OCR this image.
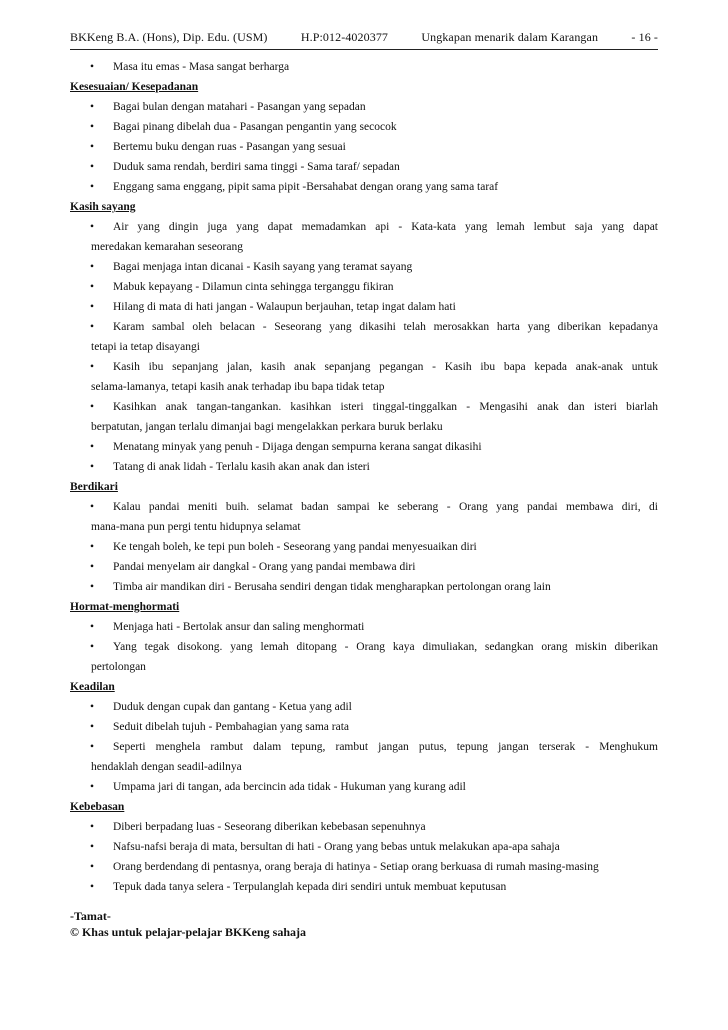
BKKeng B.A. (Hons), Dip. Edu. (USM)	H.P:012-4020377	Ungkapan menarik dalam Karangan	- 16 -
• Masa itu emas - Masa sangat berharga
Kesesuaian/ Kesepadanan
• Bagai bulan dengan matahari - Pasangan yang sepadan
• Bagai pinang dibelah dua - Pasangan pengantin yang secocok
• Bertemu buku dengan ruas - Pasangan yang sesuai
• Duduk sama rendah, berdiri sama tinggi - Sama taraf/ sepadan
• Enggang sama enggang, pipit sama pipit -Bersahabat dengan orang yang sama taraf
Kasih sayang
• Air yang dingin juga yang dapat memadamkan api - Kata-kata yang lemah lembut saja yang dapat
meredakan kemarahan seseorang
• Bagai menjaga intan dicanai - Kasih sayang yang teramat sayang
• Mabuk kepayang - Dilamun cinta sehingga terganggu fikiran
• Hilang di mata di hati jangan - Walaupun berjauhan, tetap ingat dalam hati
• Karam sambal oleh belacan - Seseorang yang dikasihi telah merosakkan harta yang diberikan kepadanya
tetapi ia tetap disayangi
• Kasih ibu sepanjang jalan, kasih anak sepanjang pegangan - Kasih ibu bapa kepada anak-anak untuk
selama-lamanya, tetapi kasih anak terhadap ibu bapa tidak tetap
• Kasihkan anak tangan-tangankan. kasihkan isteri tinggal-tinggalkan - Mengasihi anak dan isteri biarlah
berpatutan, jangan terlalu dimanjai bagi mengelakkan perkara buruk berlaku
• Menatang minyak yang penuh - Dijaga dengan sempurna kerana sangat dikasihi
• Tatang di anak lidah - Terlalu kasih akan anak dan isteri
Berdikari
• Kalau pandai meniti buih. selamat badan sampai ke seberang - Orang yang pandai membawa diri, di
mana-mana pun pergi tentu hidupnya selamat
• Ke tengah boleh, ke tepi pun boleh - Seseorang yang pandai menyesuaikan diri
• Pandai menyelam air dangkal - Orang yang pandai membawa diri
• Timba air mandikan diri - Berusaha sendiri dengan tidak mengharapkan pertolongan orang lain
Hormat-menghormati
• Menjaga hati - Bertolak ansur dan saling menghormati
• Yang tegak disokong. yang lemah ditopang - Orang kaya dimuliakan, sedangkan orang miskin diberikan
pertolongan
Keadilan
• Duduk dengan cupak dan gantang - Ketua yang adil
• Seduit dibelah tujuh - Pembahagian yang sama rata
• Seperti menghela rambut dalam tepung, rambut jangan putus, tepung jangan terserak - Menghukum
hendaklah dengan seadil-adilnya
• Umpama jari di tangan, ada bercincin ada tidak - Hukuman yang kurang adil
Kebebasan
• Diberi berpadang luas - Seseorang diberikan kebebasan sepenuhnya
• Nafsu-nafsi beraja di mata, bersultan di hati - Orang yang bebas untuk melakukan apa-apa sahaja
• Orang berdendang di pentasnya, orang beraja di hatinya - Setiap orang berkuasa di rumah masing-masing
• Tepuk dada tanya selera - Terpulanglah kepada diri sendiri untuk membuat keputusan
-Tamat-
© Khas untuk pelajar-pelajar BKKeng sahaja
